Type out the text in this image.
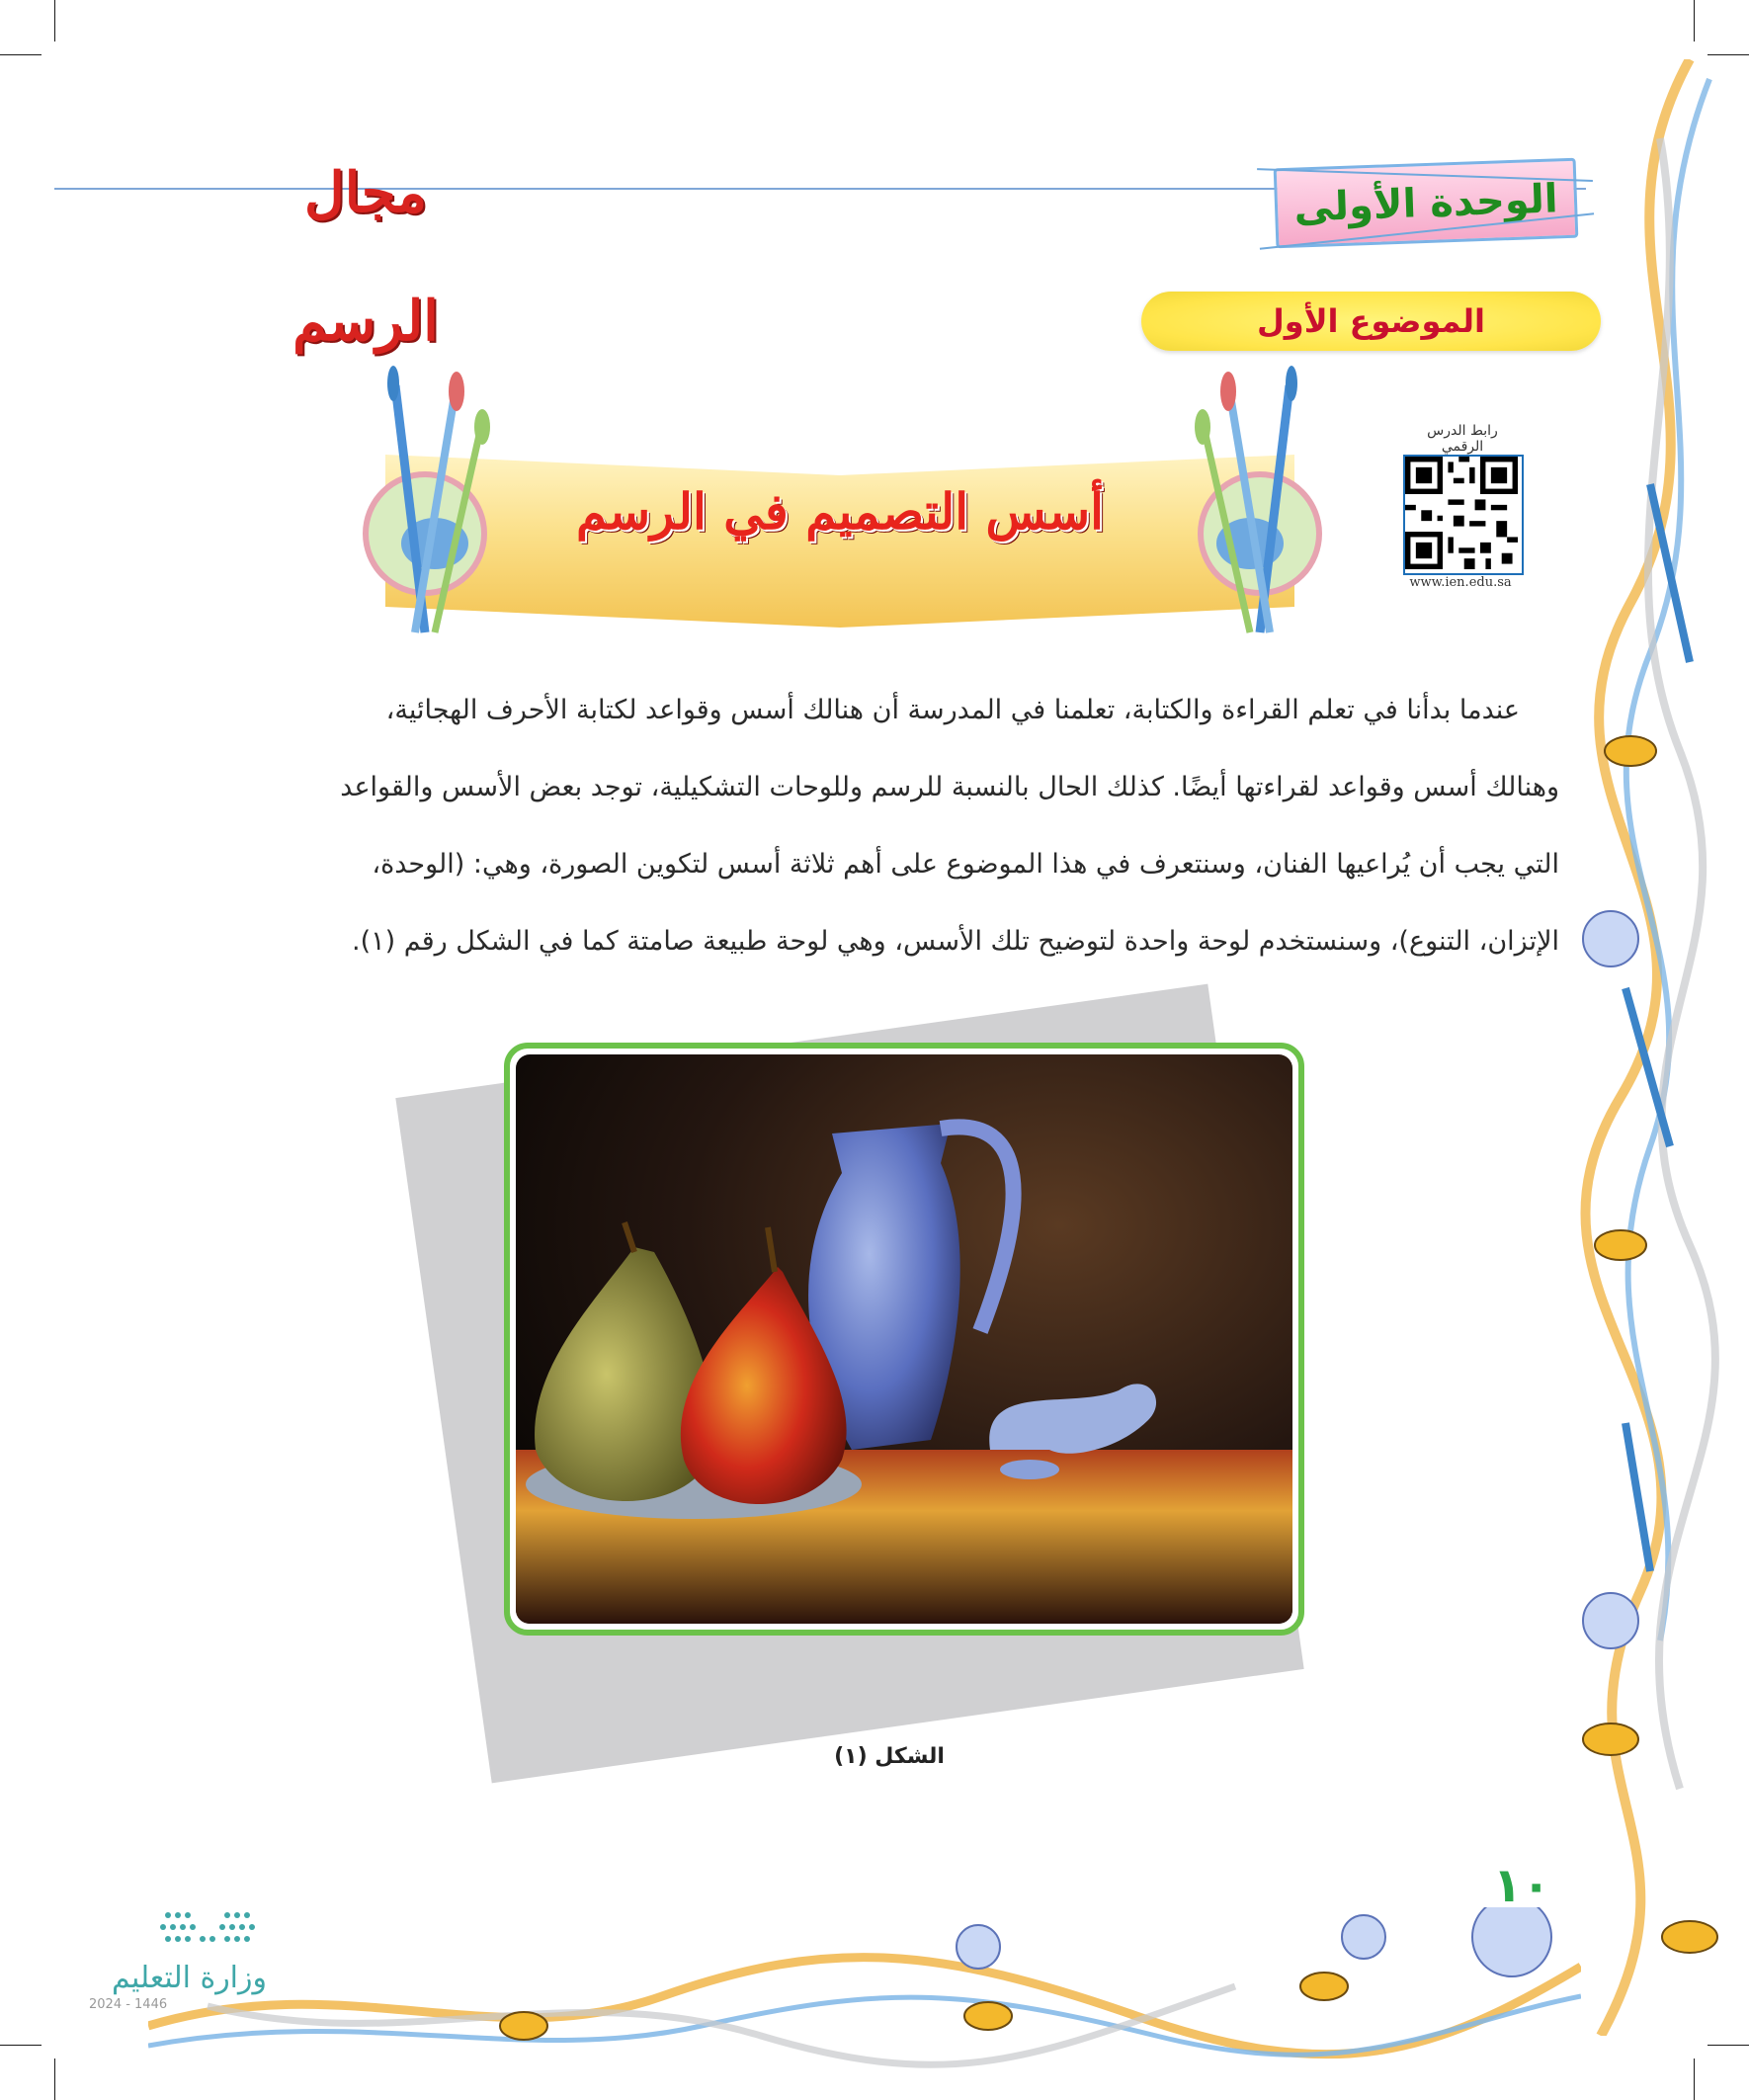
مجال الرسم
الوحدة الأولى
الموضوع الأول
رابط الدرس الرقمي
www.ien.edu.sa
أسس التصميم في الرسم

عندما بدأنا في تعلم القراءة والكتابة، تعلمنا في المدرسة أن هنالك أسس وقواعد لكتابة الأحرف الهجائية،

وهنالك أسس وقواعد لقراءتها أيضًا. كذلك الحال بالنسبة للرسم وللوحات التشكيلية، توجد بعض الأسس والقواعد

التي يجب أن يُراعيها الفنان، وسنتعرف في هذا الموضوع على أهم ثلاثة أسس لتكوين الصورة، وهي: (الوحدة،

الإتزان، التنوع)، وسنستخدم لوحة واحدة لتوضيح تلك الأسس، وهي لوحة طبيعة صامتة كما في الشكل رقم (١).

الشكل (١)
١٠
وزارة التعليم
2024 - 1446
